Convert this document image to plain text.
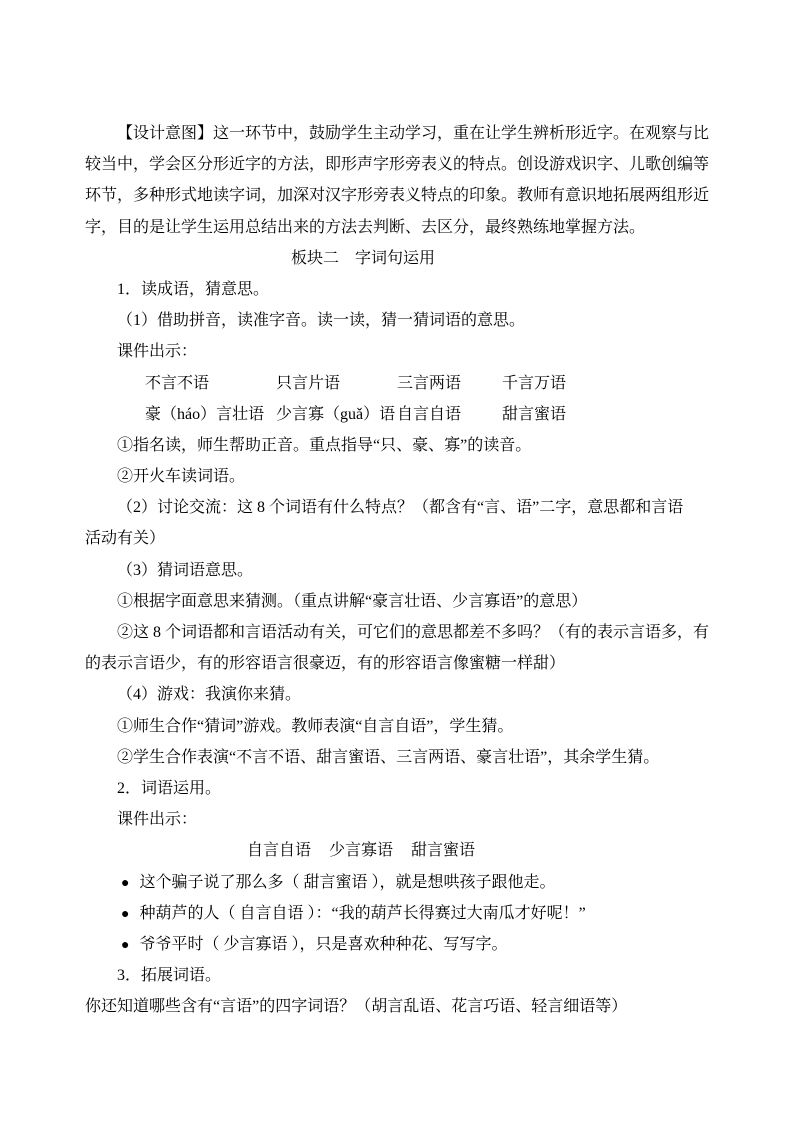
【设计意图】这一环节中，鼓励学生主动学习，重在让学生辨析形近字。在观察与比
较当中，学会区分形近字的方法，即形声字形旁表义的特点。创设游戏识字、儿歌创编等
环节，多种形式地读字词，加深对汉字形旁表义特点的印象。教师有意识地拓展两组形近
字，目的是让学生运用总结出来的方法去判断、去区分，最终熟练地掌握方法。
板块二　字词句运用
1．读成语，猜意思。
（1）借助拼音，读准字音。读一读，猜一猜词语的意思。
课件出示：
不言不语	只言片语	三言两语	千言万语
豪（háo）言壮语 少言寡（guǎ）语 自言自语	甜言蜜语
①指名读，师生帮助正音。重点指导“只、豪、寡”的读音。
②开火车读词语。
（2）讨论交流：这 8 个词语有什么特点？（都含有“言、语”二字，意思都和言语
活动有关）
（3）猜词语意思。
①根据字面意思来猜测。（重点讲解“豪言壮语、少言寡语”的意思）
②这 8 个词语都和言语活动有关，可它们的意思都差不多吗？（有的表示言语多，有
的表示言语少，有的形容语言很豪迈，有的形容语言像蜜糖一样甜）
（4）游戏：我演你来猜。
①师生合作“猜词”游戏。教师表演“自言自语”，学生猜。
②学生合作表演“不言不语、甜言蜜语、三言两语、豪言壮语”，其余学生猜。
2．词语运用。
课件出示：
自言自语 少言寡语 甜言蜜语
● 这个骗子说了那么多（ 甜言蜜语 ），就是想哄孩子跟他走。
● 种葫芦的人（ 自言自语 ）：“我的葫芦长得赛过大南瓜才好呢！”
● 爷爷平时（ 少言寡语 ），只是喜欢种种花、写写字。
3．拓展词语。
你还知道哪些含有“言语”的四字词语？（胡言乱语、花言巧语、轻言细语等）
